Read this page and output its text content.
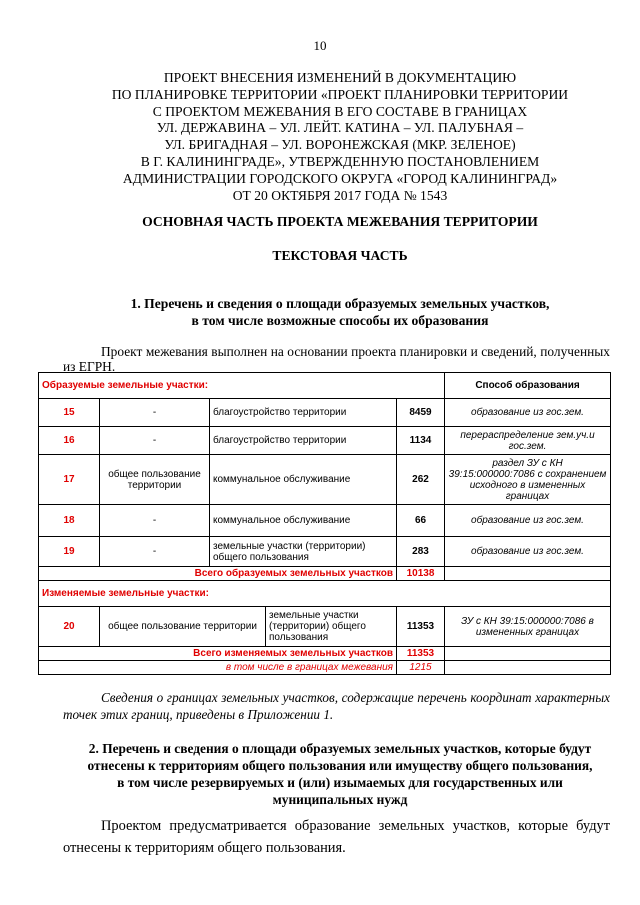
10
ПРОЕКТ ВНЕСЕНИЯ ИЗМЕНЕНИЙ В ДОКУМЕНТАЦИЮ
ПО ПЛАНИРОВКЕ ТЕРРИТОРИИ «ПРОЕКТ ПЛАНИРОВКИ ТЕРРИТОРИИ
С ПРОЕКТОМ МЕЖЕВАНИЯ В ЕГО СОСТАВЕ В ГРАНИЦАХ
УЛ. ДЕРЖАВИНА – УЛ. ЛЕЙТ. КАТИНА – УЛ. ПАЛУБНАЯ –
УЛ. БРИГАДНАЯ – УЛ. ВОРОНЕЖСКАЯ (МКР. ЗЕЛЕНОЕ)
В Г. КАЛИНИНГРАДЕ», УТВЕРЖДЕННУЮ ПОСТАНОВЛЕНИЕМ
АДМИНИСТРАЦИИ ГОРОДСКОГО ОКРУГА «ГОРОД КАЛИНИНГРАД»
ОТ 20 ОКТЯБРЯ 2017 ГОДА № 1543
ОСНОВНАЯ ЧАСТЬ ПРОЕКТА МЕЖЕВАНИЯ ТЕРРИТОРИИ
ТЕКСТОВАЯ ЧАСТЬ
1. Перечень и сведения о площади образуемых земельных участков,
в том числе возможные способы их образования
Проект межевания выполнен на основании проекта планировки и сведений, полученных из ЕГРН.
Образуемые земельные участки:					Способ образования
15	-	благоустройство территории		8459	образование из гос.зем.
16	-	благоустройство территории		1134	перераспределение зем.уч.и гос.зем.
17	общее пользование территории	коммунальное обслуживание		262	раздел ЗУ с КН 39:15:000000:7086 с сохранением исходного в измененных границах
18	-	коммунальное обслуживание		66	образование из гос.зем.
19	-	земельные участки (территории) общего пользования		283	образование из гос.зем.
Всего образуемых земельных участков				10138	
Изменяемые земельные участки:					
20	общее пользование территории		земельные участки (территории) общего пользования	11353	ЗУ с КН 39:15:000000:7086 в измененных границах
Всего изменяемых земельных участков				11353	
в том числе в границах межевания				1215	
Сведения о границах земельных участков, содержащие перечень координат характерных точек этих границ, приведены в Приложении 1.
2. Перечень и сведения о площади образуемых земельных участков, которые будут
отнесены к территориям общего пользования или имуществу общего пользования,
в том числе резервируемых и (или) изымаемых для государственных или
муниципальных нужд
Проектом предусматривается образование земельных участков, которые будут отнесены к территориям общего пользования.
